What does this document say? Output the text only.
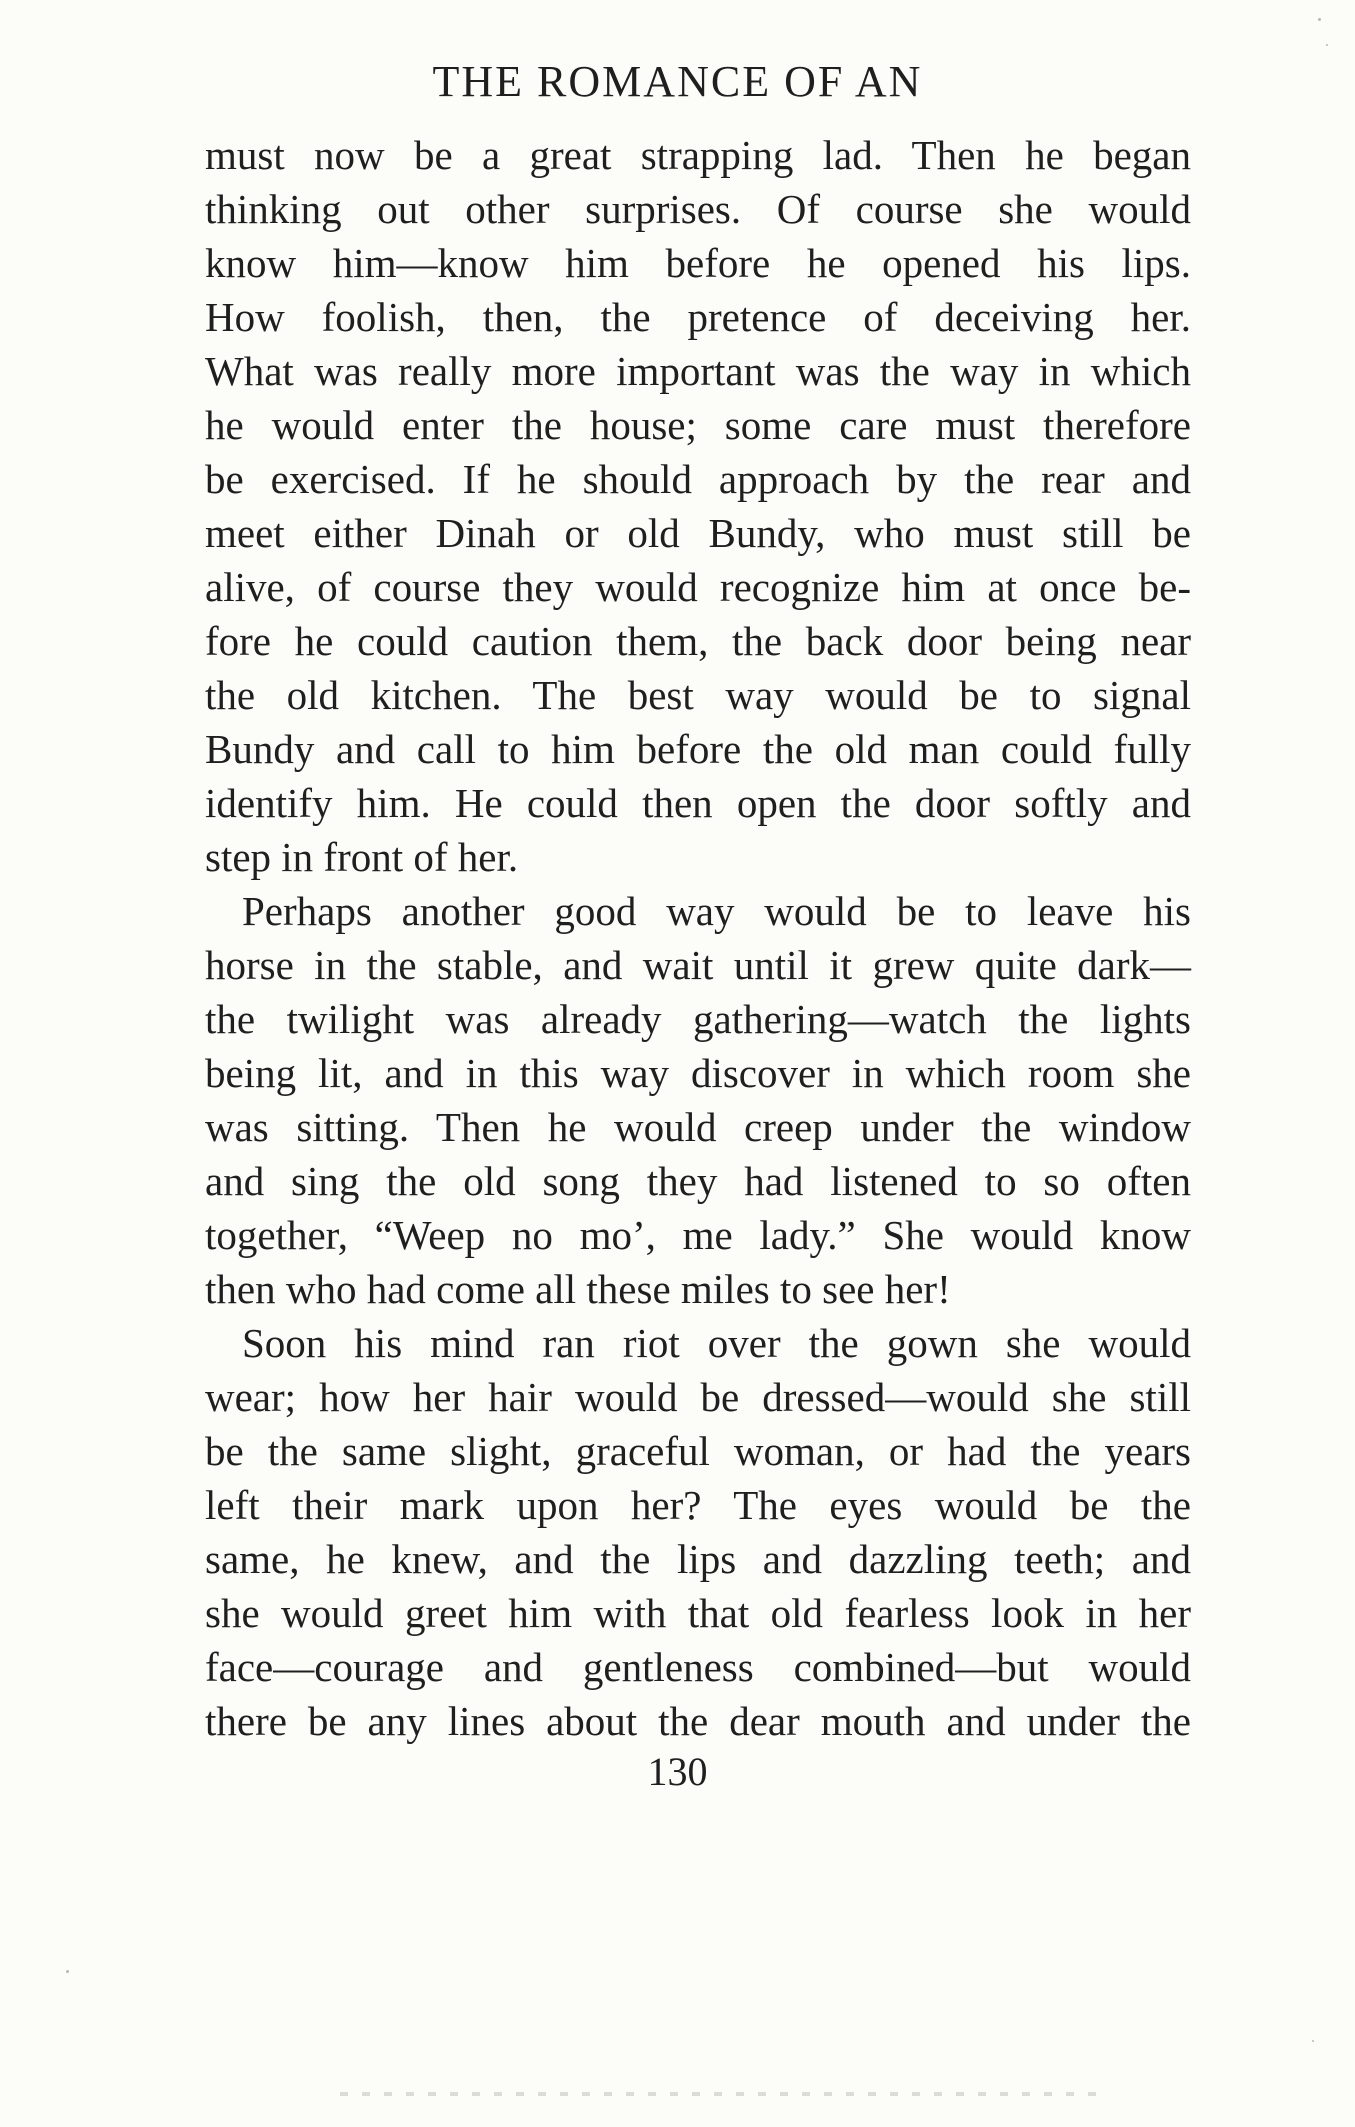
THE ROMANCE OF AN
must now be a great strapping lad. Then he began
thinking out other surprises. Of course she would
know him—know him before he opened his lips.
How foolish, then, the pretence of deceiving her.
What was really more important was the way in which
he would enter the house; some care must therefore
be exercised. If he should approach by the rear and
meet either Dinah or old Bundy, who must still be
alive, of course they would recognize him at once be-
fore he could caution them, the back door being near
the old kitchen. The best way would be to signal
Bundy and call to him before the old man could fully
identify him. He could then open the door softly and
step in front of her.
Perhaps another good way would be to leave his
horse in the stable, and wait until it grew quite dark—
the twilight was already gathering—watch the lights
being lit, and in this way discover in which room she
was sitting. Then he would creep under the window
and sing the old song they had listened to so often
together, “Weep no mo’, me lady.” She would know
then who had come all these miles to see her!
Soon his mind ran riot over the gown she would
wear; how her hair would be dressed—would she still
be the same slight, graceful woman, or had the years
left their mark upon her? The eyes would be the
same, he knew, and the lips and dazzling teeth; and
she would greet him with that old fearless look in her
face—courage and gentleness combined—but would
there be any lines about the dear mouth and under the
130
